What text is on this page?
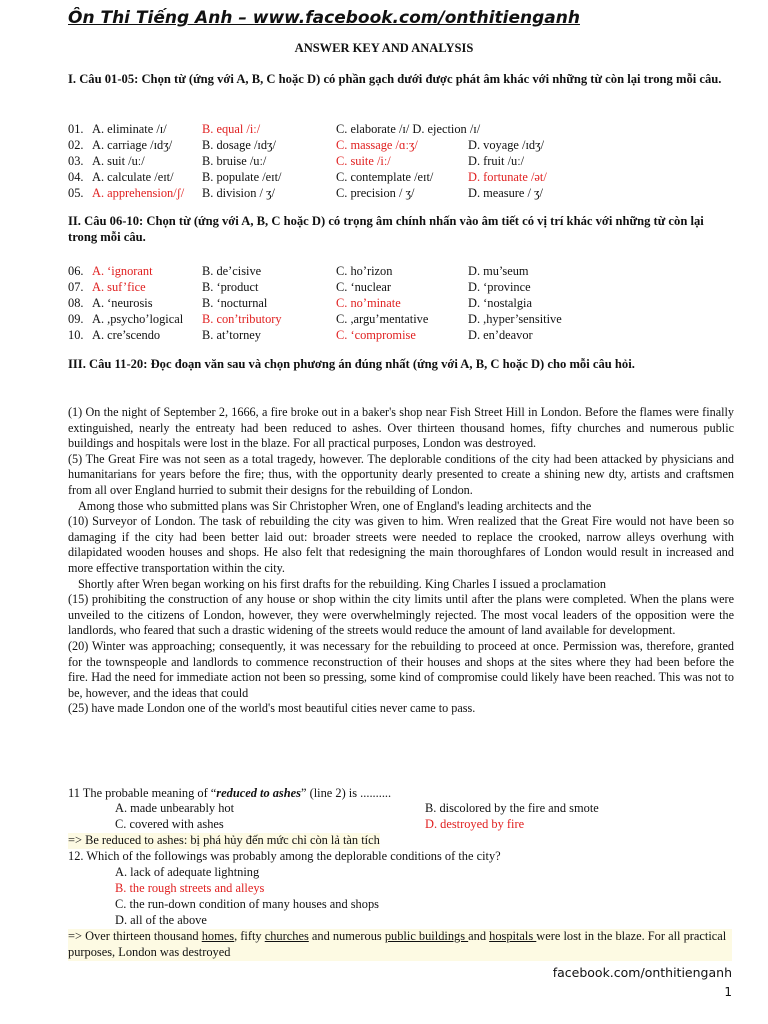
Ôn Thi Tiếng Anh – www.facebook.com/onthitienganh
ANSWER KEY AND ANALYSIS
I. Câu 01-05: Chọn từ (ứng với A, B, C hoặc D) có phần gạch dưới được phát âm khác với những từ còn lại trong mỗi câu.
01. A. eliminate /ɪ/	B. equal /iː/	C. elaborate /ɪ/ D. ejection /ɪ/
02. A. carriage /ɪdʒ/ B. dosage /ɪdʒ/	C. massage /ɑːʒ/	D. voyage /ɪdʒ/
03. A. suit /uː/	B. bruise /uː/	C. suite /iː/	D. fruit /uː/
04. A. calculate /eɪt/ B. populate /eɪt/	C. contemplate /eɪt/	D. fortunate /ət/
05. A. apprehension/ʃ/ B. division / ʒ/	C. precision / ʒ/	D. measure / ʒ/
II. Câu 06-10: Chọn từ (ứng với A, B, C hoặc D) có trọng âm chính nhấn vào âm tiết có vị trí khác với những từ còn lại trong mỗi câu.
06. A. ‘ignorant	B. de’cisive	C. ho’rizon	D. mu’seum
07. A. suf’fice	B. ‘product	C. ‘nuclear	D. ‘province
08. A. ‘neurosis	B. ‘nocturnal	C. no’minate	D. ‘nostalgia
09. A. ,psycho’logical B. con’tributory	C. ,argu’mentative	D. ,hyper’sensitive
10. A. cre’scendo	B. at’torney	C. ‘compromise	D. en’deavor
III. Câu 11-20: Đọc đoạn văn sau và chọn phương án đúng nhất (ứng với A, B, C hoặc D) cho mỗi câu hỏi.

(1) On the night of September 2, 1666, a fire broke out in a baker's shop near Fish Street Hill in London. Before the flames were finally extinguished, nearly the entreaty had been reduced to ashes. Over thirteen thousand homes, fifty churches and numerous public buildings and hospitals were lost in the blaze. For all practical purposes, London was destroyed.

(5) The Great Fire was not seen as a total tragedy, however. The deplorable conditions of the city had been attacked by physicians and humanitarians for years before the fire; thus, with the opportunity dearly presented to create a shining new dty, artists and craftsmen from all over England hurried to submit their designs for the rebuilding of London.

Among those who submitted plans was Sir Christopher Wren, one of England's leading architects and the

(10) Surveyor of London. The task of rebuilding the city was given to him. Wren realized that the Great Fire would not have been so damaging if the city had been better laid out: broader streets were needed to replace the crooked, narrow alleys overhung with dilapidated wooden houses and shops. He also felt that redesigning the main thoroughfares of London would result in increased and more effective transportation within the city.

Shortly after Wren began working on his first drafts for the rebuilding. King Charles I issued a proclamation

(15) prohibiting the construction of any house or shop within the city limits until after the plans were completed. When the plans were unveiled to the citizens of London, however, they were overwhelmingly rejected. The most vocal leaders of the opposition were the landlords, who feared that such a drastic widening of the streets would reduce the amount of land available for development.

(20) Winter was approaching; consequently, it was necessary for the rebuilding to proceed at once. Permission was, therefore, granted for the townspeople and landlords to commence reconstruction of their houses and shops at the sites where they had been before the fire. Had the need for immediate action not been so pressing, some kind of compromise could likely have been reached. This was not to be, however, and the ideas that could

(25) have made London one of the world's most beautiful cities never came to pass.

11 The probable meaning of “reduced to ashes” (line 2) is ..........
A. made unbearably hot	B. discolored by the fire and smote
C. covered with ashes	D. destroyed by fire
=> Be reduced to ashes: bị phá hủy đến mức chỉ còn lả tàn tích
12. Which of the followings was probably among the deplorable conditions of the city?
A. lack of adequate lightning
B. the rough streets and alleys
C. the run-down condition of many houses and shops
D. all of the above
=> Over thirteen thousand homes, fifty churches and numerous public buildings and hospitals were lost in the blaze. For all practical purposes, London was destroyed
facebook.com/onthitienganh
1
